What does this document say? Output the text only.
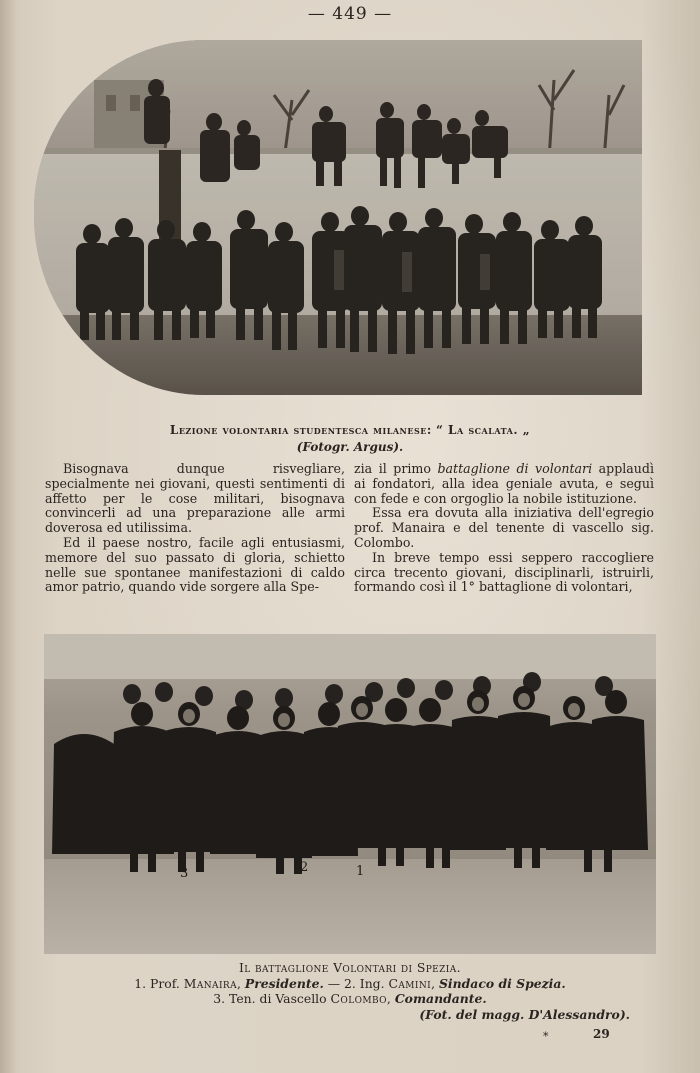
— 449 —
Lezione volontaria studentesca milanese: “ La scalata. „
(Fotogr. Argus).

Bisognava dunque risvegliare, specialmente nei giovani, questi sentimenti di affetto per le cose militari, bisognava convincerli ad una preparazione alle armi doverosa ed utilissima.

Ed il paese nostro, facile agli entusiasmi, memore del suo passato di gloria, schietto nelle sue spontanee manifestazioni di caldo amor patrio, quando vide sorgere alla Spe-

zia il primo battaglione di volontari applaudì ai fondatori, alla idea geniale avuta, e seguì con fede e con orgoglio la nobile istituzione.

Essa era dovuta alla iniziativa dell'egregio prof. Manaira e del tenente di vascello sig. Colombo.

In breve tempo essi seppero raccogliere circa trecento giovani, disciplinarli, istruirli, formando così il 1° battaglione di volontari,

3	2	1
Il battaglione Volontari di Spezia.
1. Prof. Manaira, Presidente. — 2. Ing. Camini, Sindaco di Spezia.
3. Ten. di Vascello Colombo, Comandante.
(Fot. del magg. D'Alessandro).
*	29
